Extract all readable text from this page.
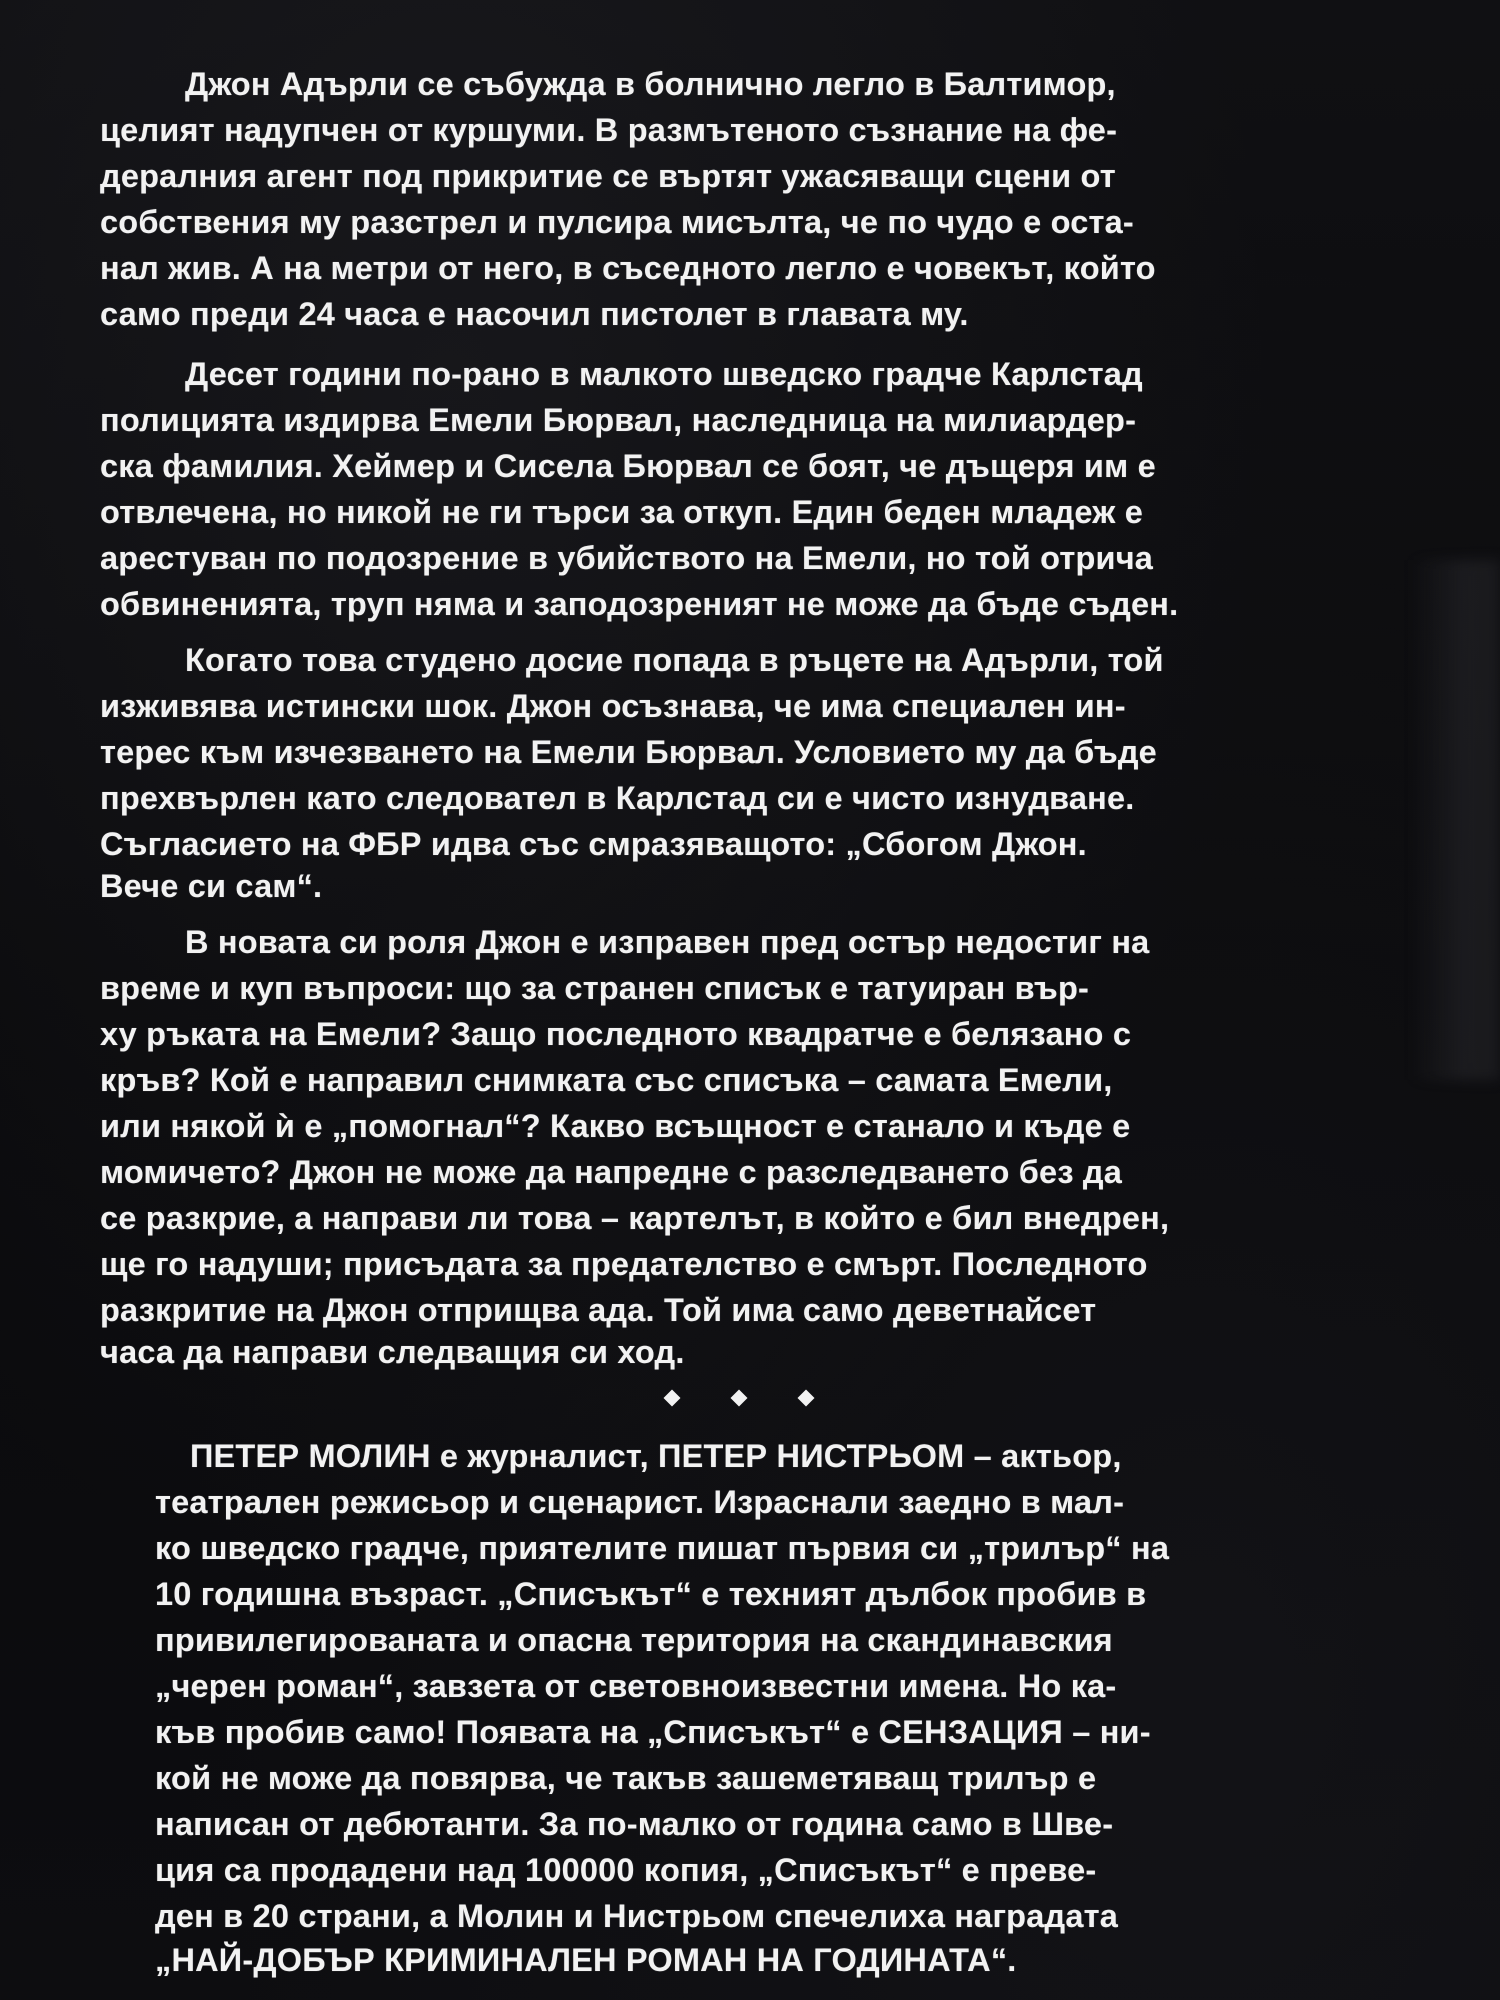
Джон Адърли се събужда в болнично легло в Балтимор,
целият надупчен от куршуми. В размътеното съзнание на фе-
дералния агент под прикритие се въртят ужасяващи сцени от
собствения му разстрел и пулсира мисълта, че по чудо е оста-
нал жив. А на метри от него, в съседното легло е човекът, който
само преди 24 часа е насочил пистолет в главата му.
Десет години по-рано в малкото шведско градче Карлстад
полицията издирва Емели Бюрвал, наследница на милиардер-
ска фамилия. Хеймер и Сисела Бюрвал се боят, че дъщеря им е
отвлечена, но никой не ги търси за откуп. Един беден младеж е
арестуван по подозрение в убийството на Емели, но той отрича
обвиненията, труп няма и заподозреният не може да бъде съден.
Когато това студено досие попада в ръцете на Адърли, той
изживява истински шок. Джон осъзнава, че има специален ин-
терес към изчезването на Емели Бюрвал. Условието му да бъде
прехвърлен като следовател в Карлстад си е чисто изнудване.
Съгласието на ФБР идва със смразяващото: „Сбогом Джон.
Вече си сам“.
В новата си роля Джон е изправен пред остър недостиг на
време и куп въпроси: що за странен списък е татуиран вър-
ху ръката на Емели? Защо последното квадратче е белязано с
кръв? Кой е направил снимката със списъка – самата Емели,
или някой ѝ е „помогнал“? Какво всъщност е станало и къде е
момичето? Джон не може да напредне с разследването без да
се разкрие, а направи ли това – картелът, в който е бил внедрен,
ще го надуши; присъдата за предателство е смърт. Последното
разкритие на Джон отприщва ада. Той има само деветнайсет
часа да направи следващия си ход.
ПЕТЕР МОЛИН е журналист, ПЕТЕР НИСТРЬОМ – актьор,
театрален режисьор и сценарист. Израснали заедно в мал-
ко шведско градче, приятелите пишат първия си „трилър“ на
10 годишна възраст. „Списъкът“ е техният дълбок пробив в
привилегированата и опасна територия на скандинавския
„черен роман“, завзета от световноизвестни имена. Но ка-
къв пробив само! Появата на „Списъкът“ е СЕНЗАЦИЯ – ни-
кой не може да повярва, че такъв зашеметяващ трилър е
написан от дебютанти. За по-малко от година само в Шве-
ция са продадени над 100000 копия, „Списъкът“ е преве-
ден в 20 страни, а Молин и Нистрьом спечелиха наградата
„НАЙ-ДОБЪР КРИМИНАЛЕН РОМАН НА ГОДИНАТА“.
